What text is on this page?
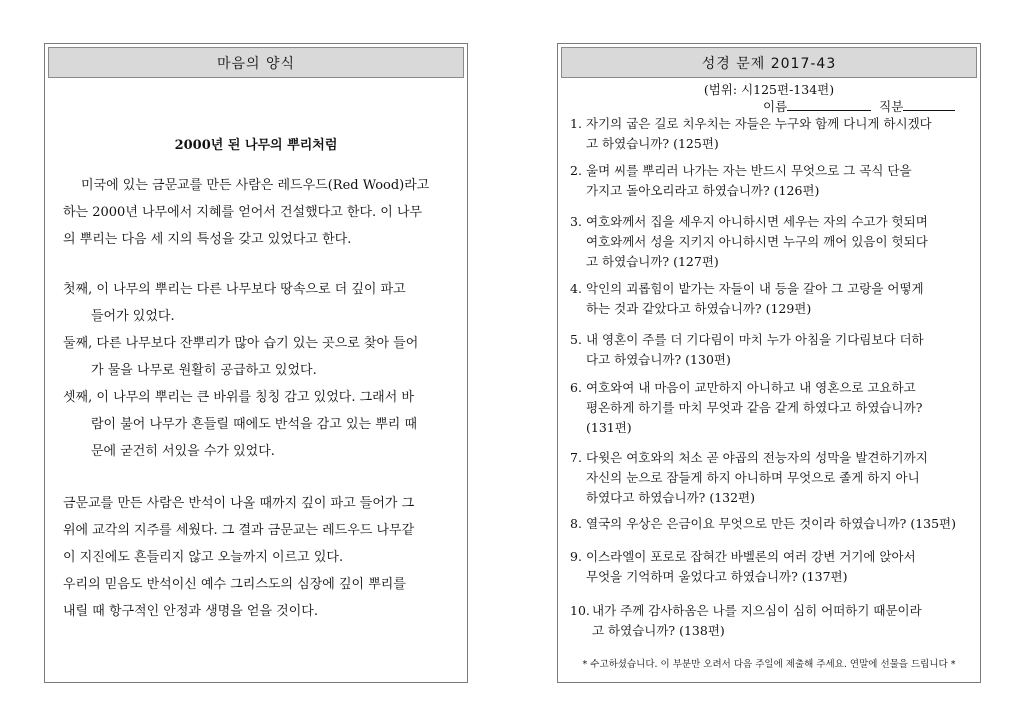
마음의 양식
2000년 된 나무의 뿌리처럼

미국에 있는 금문교를 만든 사람은 레드우드(Red Wood)라고

하는 2000년 나무에서 지혜를 얻어서 건설했다고 한다. 이 나무

의 뿌리는 다음 세 지의 특성을 갖고 있었다고 한다.

첫째, 이 나무의 뿌리는 다른 나무보다 땅속으로 더 깊이 파고

들어가 있었다.

둘째, 다른 나무보다 잔뿌리가 많아 습기 있는 곳으로 찾아 들어

가 물을 나무로 원활히 공급하고 있었다.

셋째, 이 나무의 뿌리는 큰 바위를 칭칭 감고 있었다. 그래서 바

람이 불어 나무가 흔들릴 때에도 반석을 감고 있는 뿌리 때

문에 굳건히 서있을 수가 있었다.

금문교를 만든 사람은 반석이 나올 때까지 깊이 파고 들어가 그

위에 교각의 지주를 세웠다. 그 결과 금문교는 레드우드 나무같

이 지진에도 흔들리지 않고 오늘까지 이르고 있다.

우리의 믿음도 반석이신 예수 그리스도의 심장에 깊이 뿌리를

내릴 때 항구적인 안정과 생명을 얻을 것이다.

성경 문제 2017-43
(범위: 시125편-134편)
이름	직분
1. 자기의 굽은 길로 치우치는 자들은 누구와 함께 다니게 하시겠다
고 하였습니까? (125편)
2. 울며 씨를 뿌리러 나가는 자는 반드시 무엇으로 그 곡식 단을
가지고 돌아오리라고 하였습니까? (126편)
3. 여호와께서 집을 세우지 아니하시면 세우는 자의 수고가 헛되며
여호와께서 성을 지키지 아니하시면 누구의 깨어 있음이 헛되다
고 하였습니까? (127편)
4. 악인의 괴롭힘이 밭가는 자들이 내 등을 갈아 그 고랑을 어떻게
하는 것과 같았다고 하였습니까? (129편)
5. 내 영혼이 주를 더 기다림이 마치 누가 아침을 기다림보다 더하
다고 하였습니까? (130편)
6. 여호와여 내 마음이 교만하지 아니하고 내 영혼으로 고요하고
평온하게 하기를 마치 무엇과 같음 같게 하였다고 하였습니까?
(131편)
7. 다윗은 여호와의 처소 곧 야곱의 전능자의 성막을 발견하기까지
자신의 눈으로 잠들게 하지 아니하며 무엇으로 졸게 하지 아니
하였다고 하였습니까? (132편)
8. 열국의 우상은 은금이요 무엇으로 만든 것이라 하였습니까? (135편)
9. 이스라엘이 포로로 잡혀간 바벨론의 여러 강변 거기에 앉아서
무엇을 기억하며 울었다고 하였습니까? (137편)
10. 내가 주께 감사하옴은 나를 지으심이 심히 어떠하기 때문이라
고 하였습니까? (138편)
* 수고하셨습니다. 이 부분만 오려서 다음 주일에 제출해 주세요. 연말에 선물을 드립니다 *
